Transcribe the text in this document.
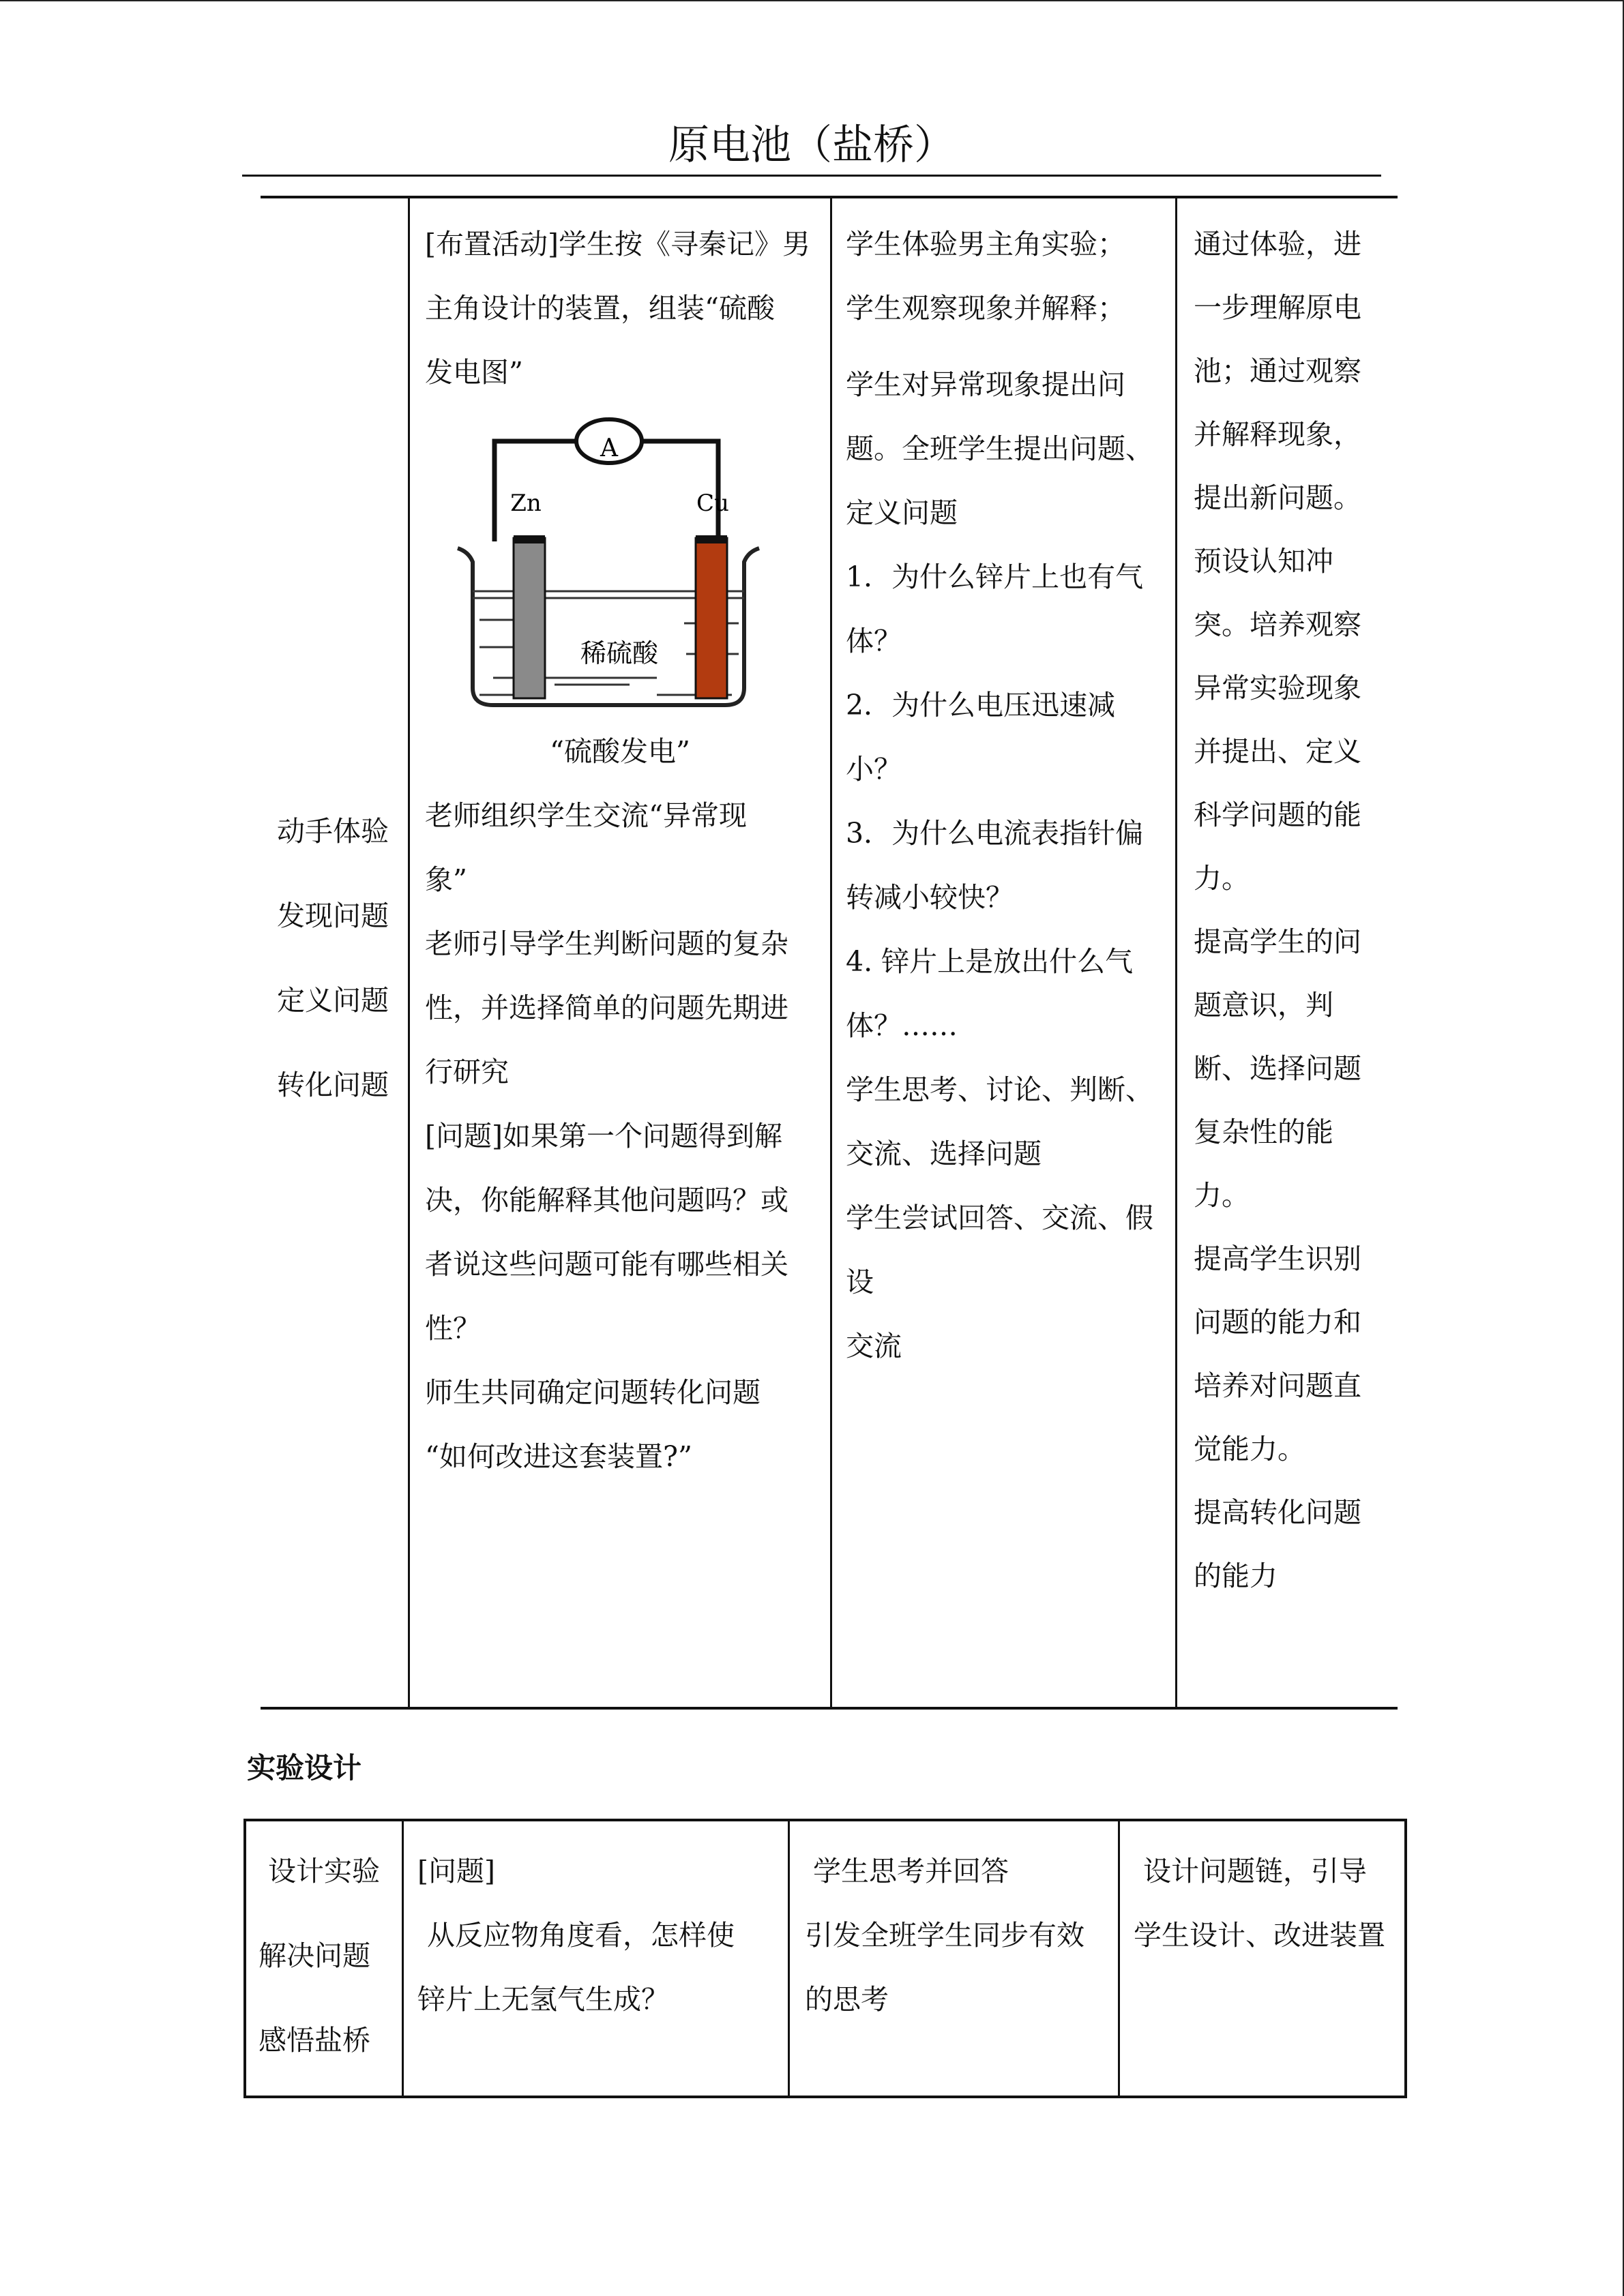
原电池（盐桥）

动手体验

发现问题

定义问题

转化问题

[布置活动]学生按《寻秦记》男
主角设计的装置，组装“硫酸
发电图”
A
Zn	Cu
稀硫酸

“硫酸发电”

老师组织学生交流“异常现
象”

老师引导学生判断问题的复杂
性，并选择简单的问题先期进
行研究

[问题]如果第一个问题得到解
决，你能解释其他问题吗？或
者说这些问题可能有哪些相关
性？

师生共同确定问题转化问题

“如何改进这套装置?”

学生体验男主角实验；

学生观察现象并解释；

学生对异常现象提出问
题。全班学生提出问题、
定义问题

1．为什么锌片上也有气
体？

2．为什么电压迅速减
小？

3．为什么电流表指针偏
转减小较快？

4. 锌片上是放出什么气
体？……

学生思考、讨论、判断、
交流、选择问题

学生尝试回答、交流、假
设

交流

通过体验，进

一步理解原电

池；通过观察

并解释现象，

提出新问题。

预设认知冲

突。培养观察

异常实验现象

并提出、定义

科学问题的能

力。

提高学生的问

题意识，判

断、选择问题

复杂性的能

力。

提高学生识别

问题的能力和

培养对问题直

觉能力。

提高转化问题

的能力

实验设计

设计实验

解决问题

感悟盐桥

[问题]

从反应物角度看，怎样使

锌片上无氢气生成？

学生思考并回答

引发全班学生同步有效

的思考

设计问题链，引导

学生设计、改进装置
